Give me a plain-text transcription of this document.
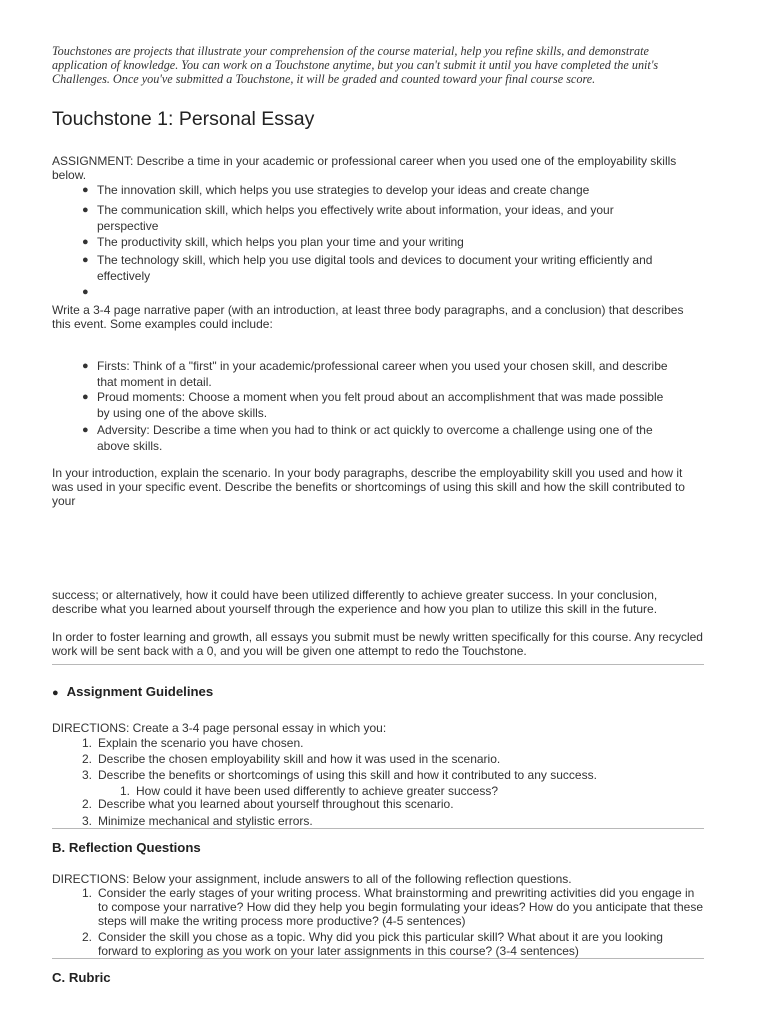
Touchstones are projects that illustrate your comprehension of the course material, help you refine skills, and demonstrate application of knowledge. You can work on a Touchstone anytime, but you can't submit it until you have completed the unit's Challenges. Once you've submitted a Touchstone, it will be graded and counted toward your final course score.
Touchstone 1: Personal Essay

ASSIGNMENT: Describe a time in your academic or professional career when you used one of the employability skills below.

● The innovation skill, which helps you use strategies to develop your ideas and create change
● The communication skill, which helps you effectively write about information, your ideas, and your perspective
● The productivity skill, which helps you plan your time and your writing
● The technology skill, which help you use digital tools and devices to document your writing efficiently and effectively
●

Write a 3-4 page narrative paper (with an introduction, at least three body paragraphs, and a conclusion) that describes this event. Some examples could include:

● Firsts: Think of a "first" in your academic/professional career when you used your chosen skill, and describe that moment in detail.
● Proud moments: Choose a moment when you felt proud about an accomplishment that was made possible by using one of the above skills.
● Adversity: Describe a time when you had to think or act quickly to overcome a challenge using one of the above skills.

In your introduction, explain the scenario. In your body paragraphs, describe the employability skill you used and how it was used in your specific event. Describe the benefits or shortcomings of using this skill and how the skill contributed to your

success; or alternatively, how it could have been utilized differently to achieve greater success. In your conclusion, describe what you learned about yourself through the experience and how you plan to utilize this skill in the future.

In order to foster learning and growth, all essays you submit must be newly written specifically for this course. Any recycled work will be sent back with a 0, and you will be given one attempt to redo the Touchstone.

● Assignment Guidelines

DIRECTIONS: Create a 3-4 page personal essay in which you:

1. Explain the scenario you have chosen.
2. Describe the chosen employability skill and how it was used in the scenario.
3. Describe the benefits or shortcomings of using this skill and how it contributed to any success.
1. How could it have been used differently to achieve greater success?
2. Describe what you learned about yourself throughout this scenario.
3. Minimize mechanical and stylistic errors.
B. Reflection Questions

DIRECTIONS: Below your assignment, include answers to all of the following reflection questions.

1. Consider the early stages of your writing process. What brainstorming and prewriting activities did you engage in to compose your narrative? How did they help you begin formulating your ideas? How do you anticipate that these steps will make the writing process more productive? (4-5 sentences)
2. Consider the skill you chose as a topic. Why did you pick this particular skill? What about it are you looking forward to exploring as you work on your later assignments in this course? (3-4 sentences)
C. Rubric
